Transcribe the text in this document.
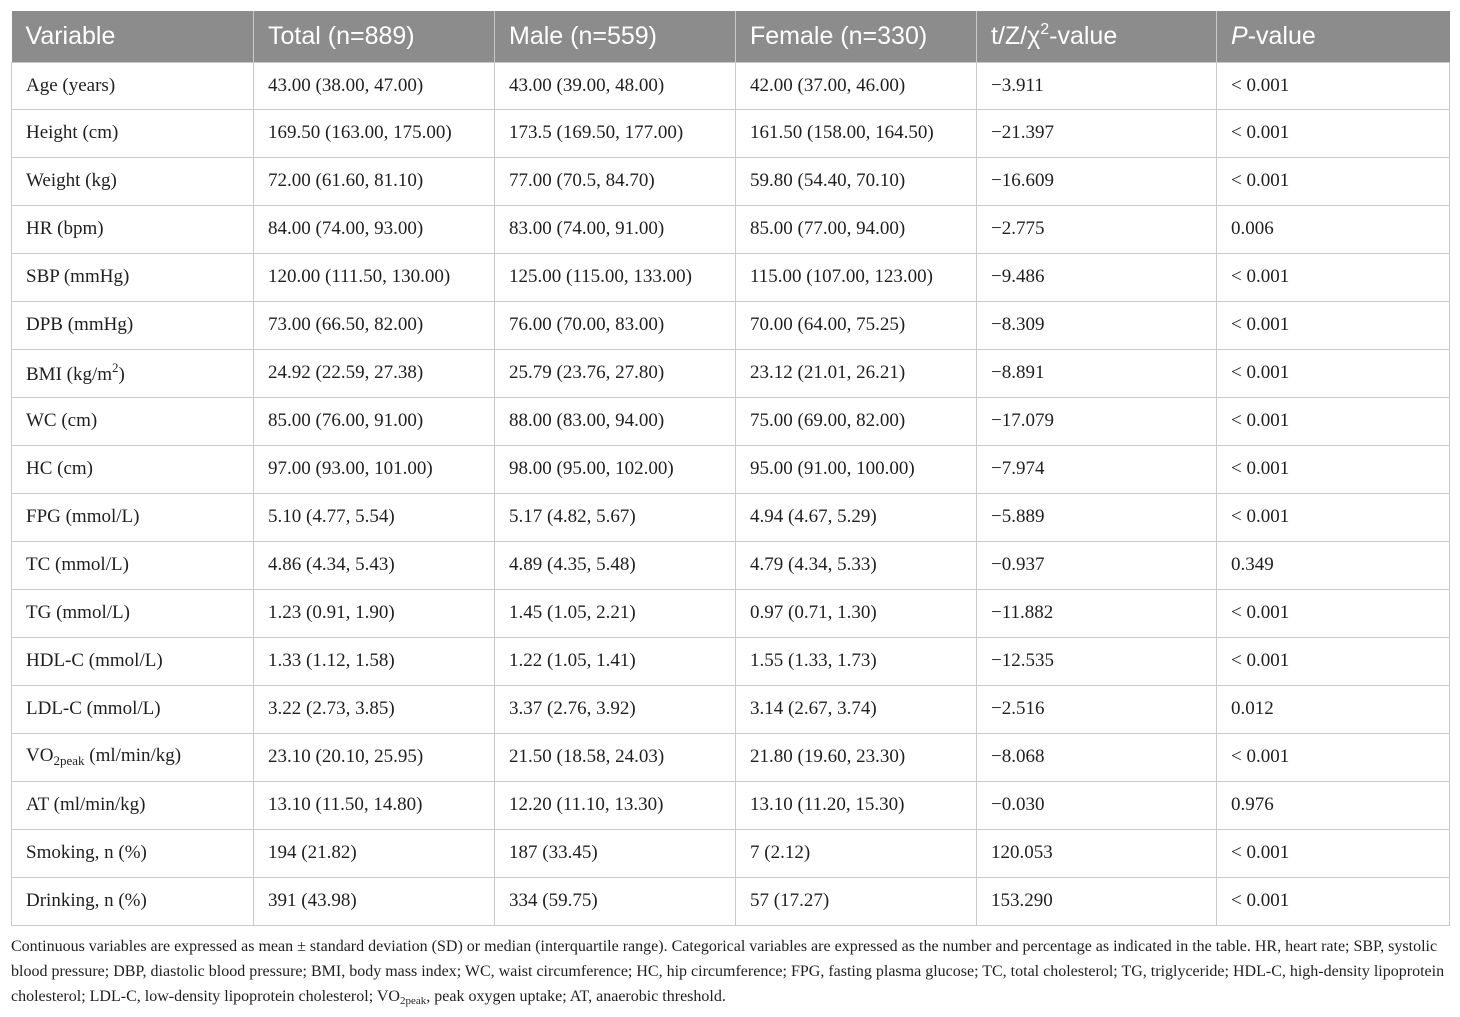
Variable	Total (n=889)	Male (n=559)	Female (n=330)	$t/Z/\chi^2$-value	P-value
Age (years)	43.00 (38.00, 47.00)	43.00 (39.00, 48.00)	42.00 (37.00, 46.00)	−3.911	< 0.001
Height (cm)	169.50 (163.00, 175.00)	173.5 (169.50, 177.00)	161.50 (158.00, 164.50)	−21.397	< 0.001
Weight (kg)	72.00 (61.60, 81.10)	77.00 (70.5, 84.70)	59.80 (54.40, 70.10)	−16.609	< 0.001
HR (bpm)	84.00 (74.00, 93.00)	83.00 (74.00, 91.00)	85.00 (77.00, 94.00)	−2.775	0.006
SBP (mmHg)	120.00 (111.50, 130.00)	125.00 (115.00, 133.00)	115.00 (107.00, 123.00)	−9.486	< 0.001
DPB (mmHg)	73.00 (66.50, 82.00)	76.00 (70.00, 83.00)	70.00 (64.00, 75.25)	−8.309	< 0.001
BMI $(kg/m^2)$	24.92 (22.59, 27.38)	25.79 (23.76, 27.80)	23.12 (21.01, 26.21)	−8.891	< 0.001
WC (cm)	85.00 (76.00, 91.00)	88.00 (83.00, 94.00)	75.00 (69.00, 82.00)	−17.079	< 0.001
HC (cm)	97.00 (93.00, 101.00)	98.00 (95.00, 102.00)	95.00 (91.00, 100.00)	−7.974	< 0.001
FPG (mmol/L)	5.10 (4.77, 5.54)	5.17 (4.82, 5.67)	4.94 (4.67, 5.29)	−5.889	< 0.001
TC (mmol/L)	4.86 (4.34, 5.43)	4.89 (4.35, 5.48)	4.79 (4.34, 5.33)	−0.937	0.349
TG (mmol/L)	1.23 (0.91, 1.90)	1.45 (1.05, 2.21)	0.97 (0.71, 1.30)	−11.882	< 0.001
HDL-C (mmol/L)	1.33 (1.12, 1.58)	1.22 (1.05, 1.41)	1.55 (1.33, 1.73)	−12.535	< 0.001
LDL-C (mmol/L)	3.22 (2.73, 3.85)	3.37 (2.76, 3.92)	3.14 (2.67, 3.74)	−2.516	0.012
$VO_{2peak}$ (ml/min/kg)	23.10 (20.10, 25.95)	21.50 (18.58, 24.03)	21.80 (19.60, 23.30)	−8.068	< 0.001
AT (ml/min/kg)	13.10 (11.50, 14.80)	12.20 (11.10, 13.30)	13.10 (11.20, 15.30)	−0.030	0.976
Smoking, n (%)	194 (21.82)	187 (33.45)	7 (2.12)	120.053	< 0.001
Drinking, n (%)	391 (43.98)	334 (59.75)	57 (17.27)	153.290	< 0.001
Continuous variables are expressed as mean ± standard deviation (SD) or median (interquartile range). Categorical variables are expressed as the number and percentage as indicated in the table. HR, heart rate; SBP, systolic blood pressure; DBP, diastolic blood pressure; BMI, body mass index; WC, waist circumference; HC, hip circumference; FPG, fasting plasma glucose; TC, total cholesterol; TG, triglyceride; HDL-C, high-density lipoprotein cholesterol; LDL-C, low-density lipoprotein cholesterol; $VO_{2peak}$, peak oxygen uptake; AT, anaerobic threshold.
